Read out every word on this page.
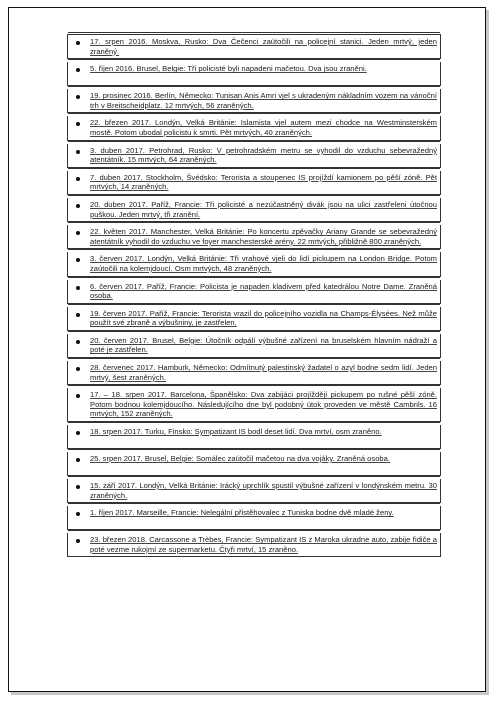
17. srpen 2016. Moskva, Rusko: Dva Čečenci zaútočili na policejní stanici. Jeden mrtvý, jeden zraněný.
5. říjen 2016. Brusel, Belgie: Tři policisté byli napadeni mačetou. Dva jsou zraněni.
19. prosinec 2016. Berlín, Německo: Tunisan Anis Amri vjel s ukradeným nákladním vozem na vánoční trh v Breitscheidplatz. 12 mrtvých, 56 zraněných.
22. březen 2017. Londýn, Velká Británie: Islamista vjel autem mezi chodce na Westminsterském mostě. Potom ubodal policistu k smrti. Pět mrtvých, 40 zraněných.
3. duben 2017. Petrohrad, Rusko: V petrohradském metru se vyhodil do vzduchu sebevražedný atentátník. 15 mrtvých, 64 zraněných.
7. duben 2017. Stockholm, Švédsko: Terorista a stoupenec IS projíždí kamionem po pěší zóně. Pět mrtvých, 14 zraněných.
20. duben 2017. Paříž, Francie: Tři policisté a nezúčastněný divák jsou na ulici zastřeleni útočnou puškou. Jeden mrtvý, tři zranění.
22. květen 2017. Manchester, Velká Británie: Po koncertu zpěvačky Ariany Grande se sebevražedný atentátník vyhodil do vzduchu ve foyer manchesterské arény. 22 mrtvých, přibližně 800 zraněných.
3. červen 2017. Londýn, Velká Británie: Tři vrahové vjeli do lidí pickupem na London Bridge. Potom zaútočili na kolemjdoucí. Osm mrtvých, 48 zraněných.
6. červen 2017. Paříž, Francie: Policista je napaden kladivem před katedrálou Notre Dame. Zraněná osoba.
19. červen 2017. Paříž, Francie: Terorista vrazil do policejního vozidla na Champs-Élysées. Než může použít své zbraně a výbušniny, je zastřelen.
20. červen 2017. Brusel, Belgie: Útočník odpálí výbušné zařízení na bruselském hlavním nádraží a poté je zastřelen.
28. červenec 2017. Hamburk, Německo: Odmítnutý palestinský žadatel o azyl bodne sedm lidí. Jeden mrtvý, šest zraněných.
17. – 18. srpen 2017. Barcelona, Španělsko: Dva zabijáci projíždějí pickupem po rušné pěší zóně. Potom bodnou kolemjdoucího. Následujícího dne byl podobný útok proveden ve městě Cambrils. 16 mrtvých, 152 zraněných.
18. srpen 2017. Turku, Finsko: Sympatizant IS bodl deset lidí. Dva mrtví, osm zraněno.
25. srpen 2017. Brusel, Belgie: Somálec zaútočil mačetou na dva vojáky. Zraněná osoba.
15. září 2017. Londýn, Velká Británie: Irácký uprchlík spustil výbušné zařízení v londýnském metru. 30 zraněných.
1. říjen 2017. Marseille, Francie: Nelegální přistěhovalec z Tuniska bodne dvě mladé ženy.
23. březen 2018. Carcassone a Trèbes, Francie: Sympatizant IS z Maroka ukradne auto, zabije řidiče a poté vezme rukojmí ze supermarketu. Čtyři mrtví, 15 zraněno.
